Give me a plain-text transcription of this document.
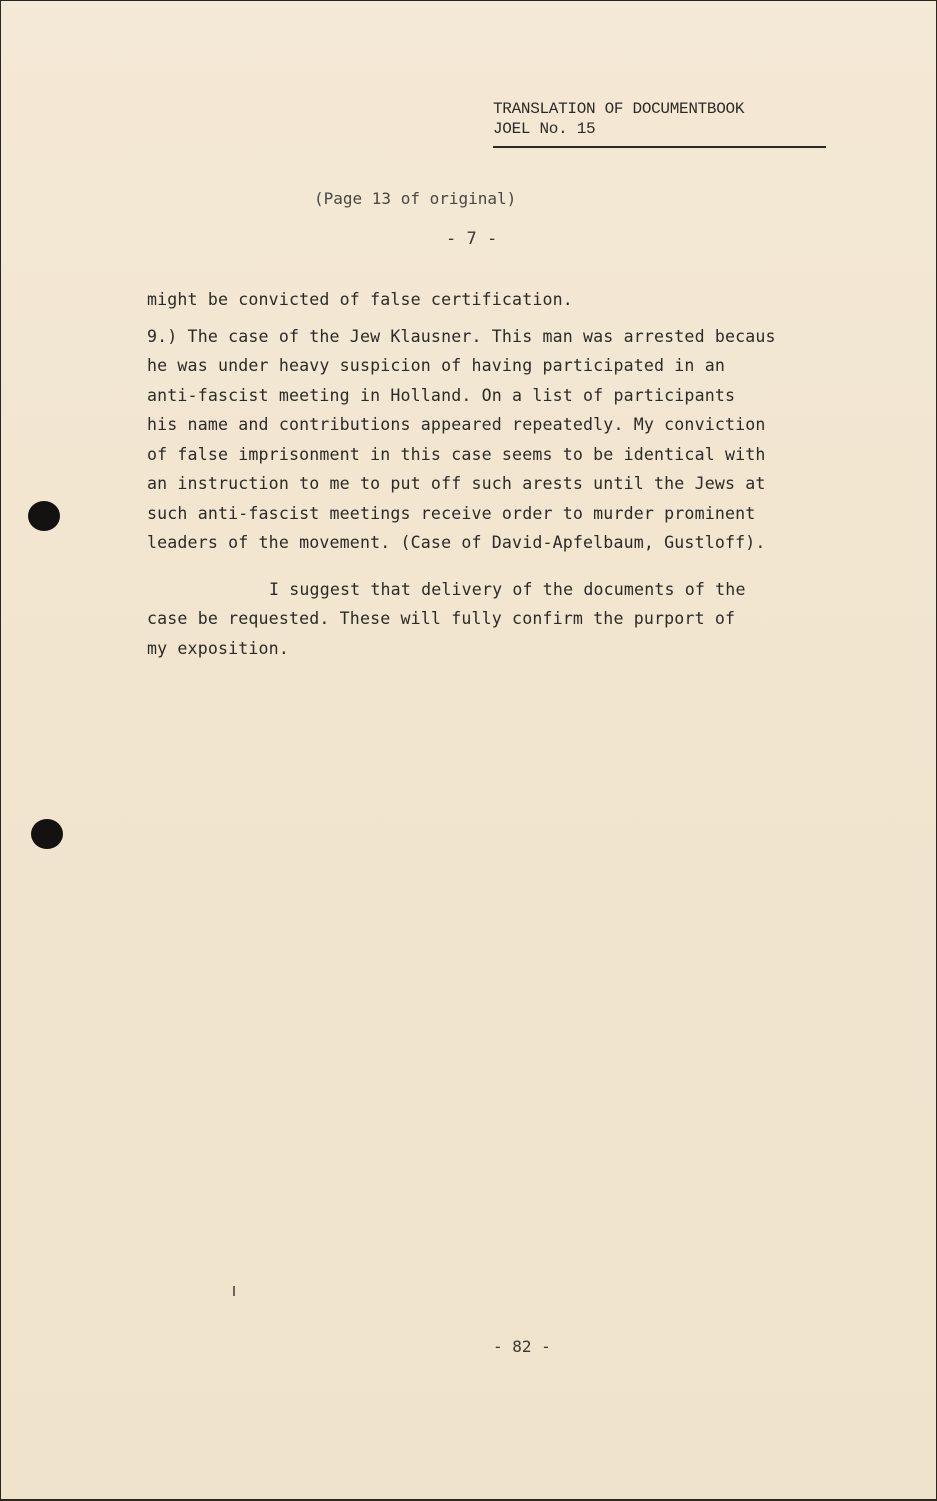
TRANSLATION OF DOCUMENTBOOK
JOEL No. 15
(Page 13 of original)
- 7 -
might be convicted of false certification.
9.) The case of the Jew Klausner. This man was arrested becaus
he was under heavy suspicion of having participated in an
anti-fascist meeting in Holland. On a list of participants
his name and contributions appeared repeatedly. My conviction
of false imprisonment in this case seems to be identical with
an instruction to me to put off such arests until the Jews at
such anti-fascist meetings receive order to murder prominent
leaders of the movement. (Case of David-Apfelbaum, Gustloff).
I suggest that delivery of the documents of the
case be requested. These will fully confirm the purport of
my exposition.
- 82 -
